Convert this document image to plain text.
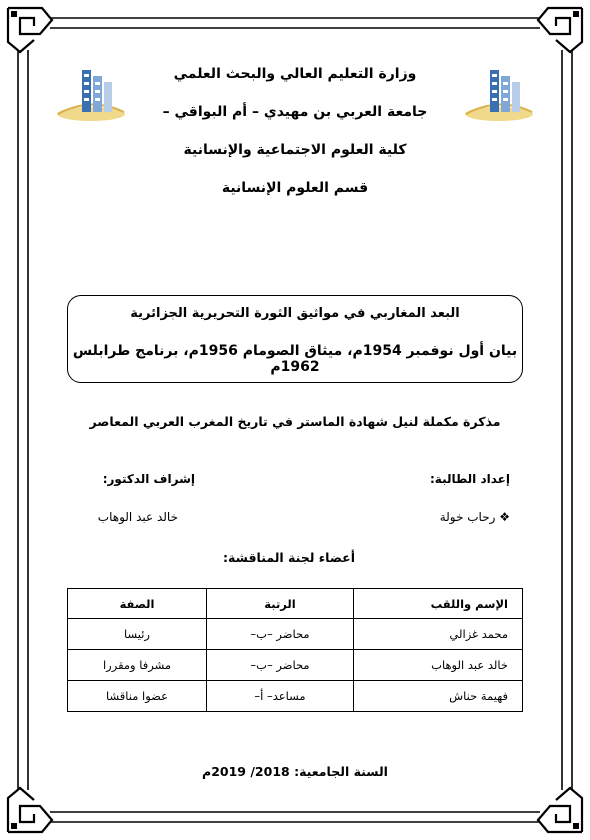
وزارة التعليم العالي والبحث العلمي
جامعة العربي بن مهيدي – أم البواقي –
كلية العلوم الاجتماعية والإنسانية
قسم العلوم الإنسانية
البعد المغاربي في مواثيق الثورة التحريرية الجزائرية
بيان أول نوفمبر 1954م، ميثاق الصومام 1956م، برنامج طرابلس 1962م
مذكرة مكملة لنيل شهادة الماستر في تاريخ المغرب العربي المعاصر
إعداد الطالبة:
إشراف الدكتور:
❖ رحاب خولة
خالد عبد الوهاب
أعضاء لجنة المناقشة:
الإسم واللقب	الرتبة	الصفة
محمد غزالي	محاضر –ب–	رئيسا
خالد عبد الوهاب	محاضر –ب–	مشرفا ومقررا
فهيمة حناش	مساعد– أ–	عضوا مناقشا
السنة الجامعية: 2018/ 2019م
